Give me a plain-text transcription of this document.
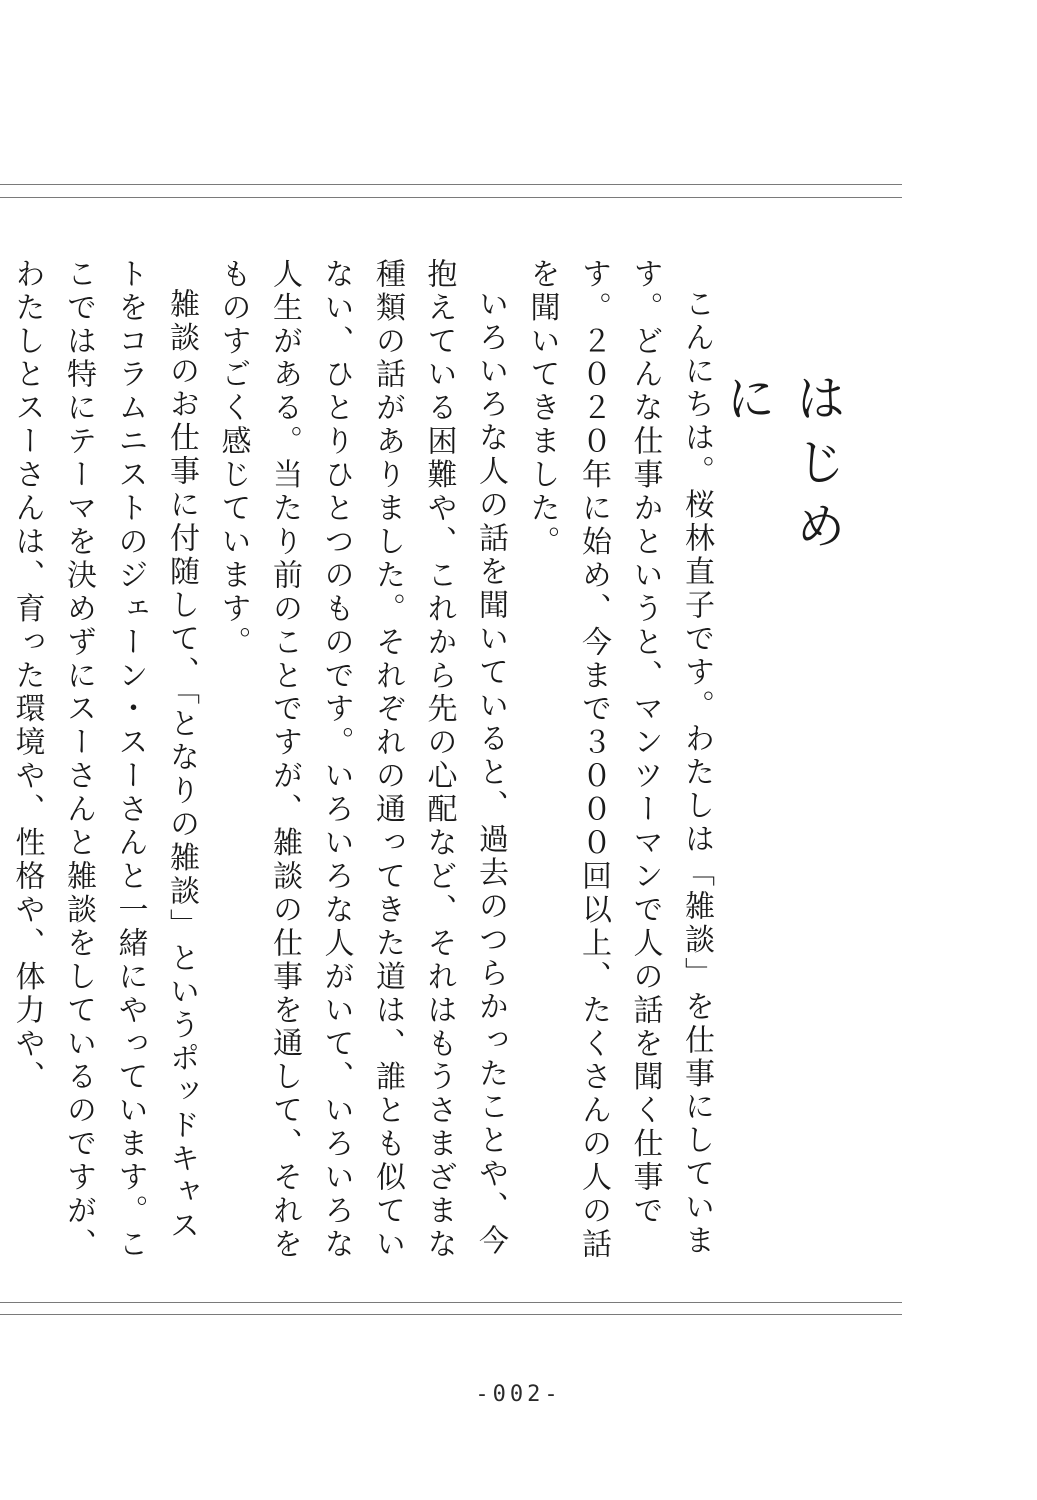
はじめに

こんにちは。桜林直子です。わたしは「雑談」を仕事にしています。どんな仕事かというと、マンツーマンで人の話を聞く仕事です。２０２０年に始め、今まで３０００回以上、たくさんの人の話を聞いてきました。

いろいろな人の話を聞いていると、過去のつらかったことや、今抱えている困難や、これから先の心配など、それはもうさまざまな種類の話がありました。それぞれの通ってきた道は、誰とも似ていない、ひとりひとつのものです。いろいろな人がいて、いろいろな人生がある。当たり前のことですが、雑談の仕事を通して、それをものすごく感じています。

雑談のお仕事に付随して、「となりの雑談」というポッドキャストをコラムニストのジェーン・スーさんと一緒にやっています。ここでは特にテーマを決めずにスーさんと雑談をしているのですが、わたしとスーさんは、育った環境や、性格や、体力や、

-002-
